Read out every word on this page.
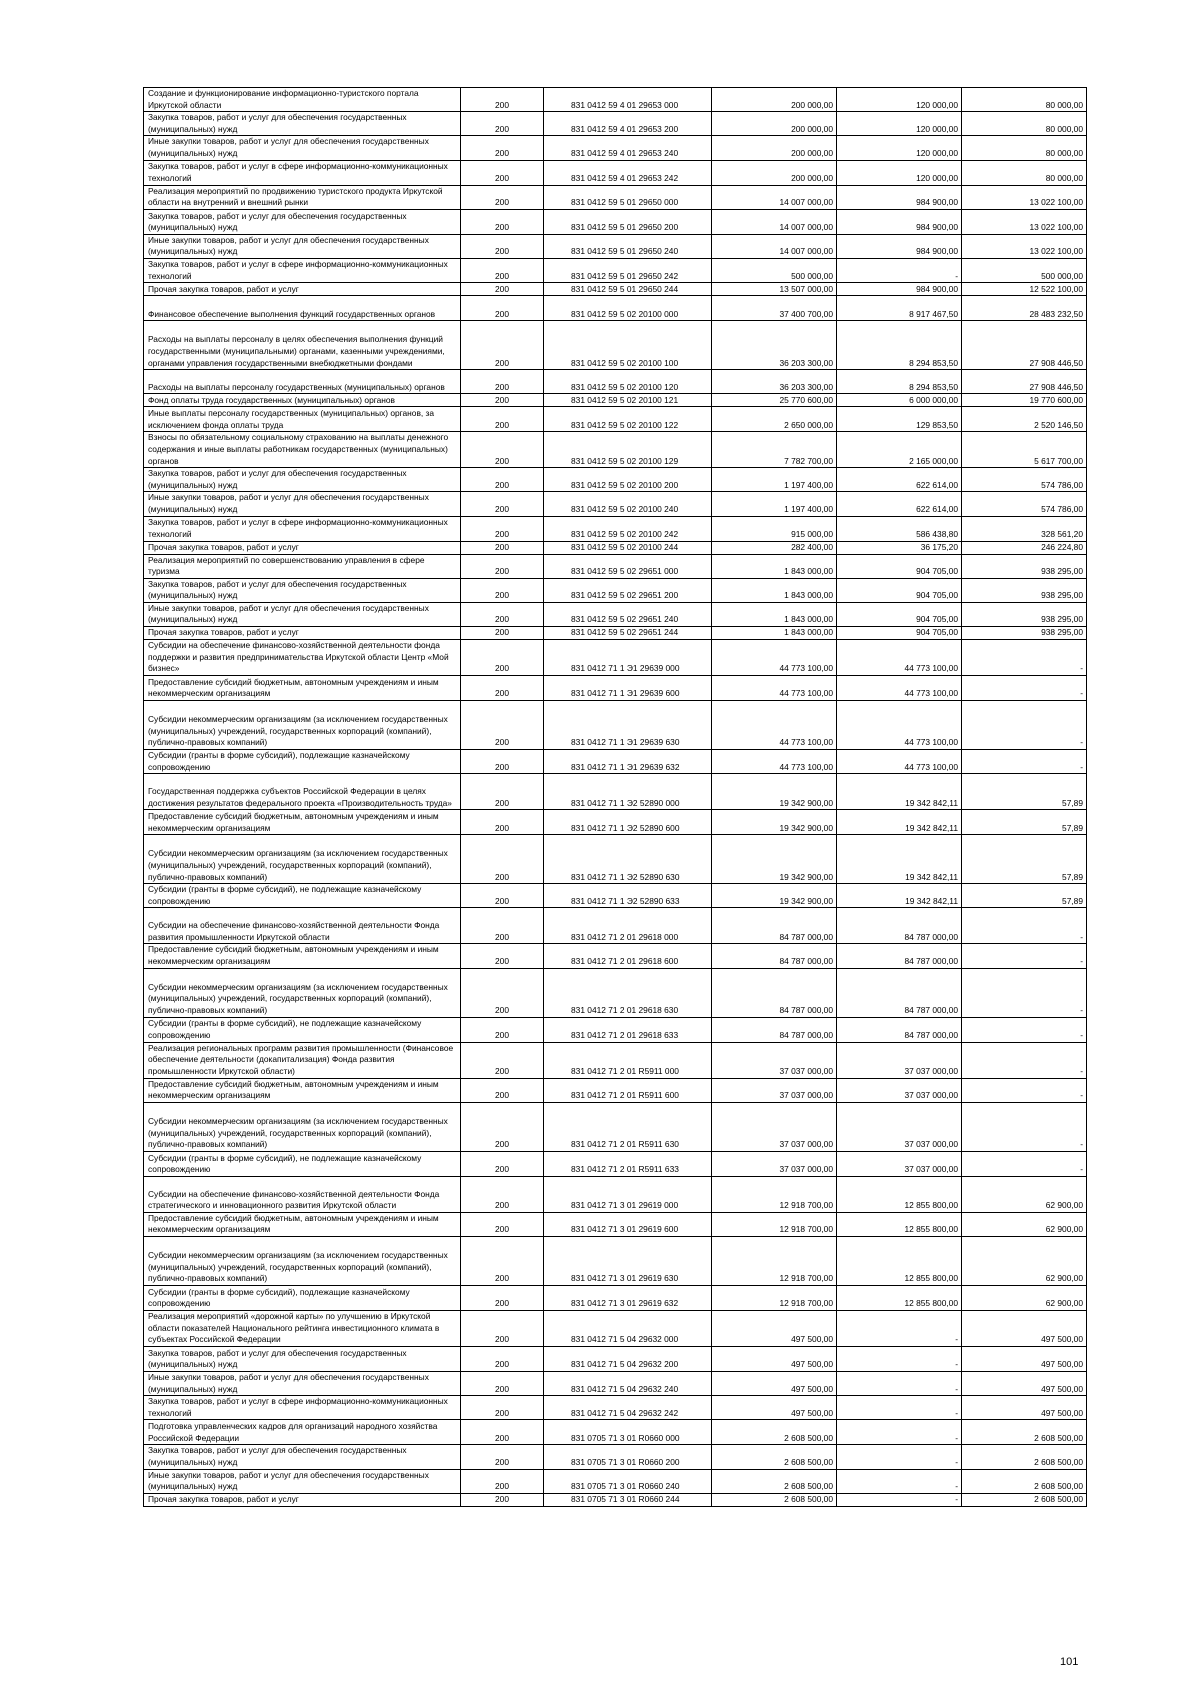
Создание и функционирование информационно-туристского портала Иркутской области	200	831 0412 59 4 01 29653 000	200 000,00	120 000,00	80 000,00
Закупка товаров, работ и услуг для обеспечения государственных (муниципальных) нужд	200	831 0412 59 4 01 29653 200	200 000,00	120 000,00	80 000,00
Иные закупки товаров, работ и услуг для обеспечения государственных (муниципальных) нужд	200	831 0412 59 4 01 29653 240	200 000,00	120 000,00	80 000,00
Закупка товаров, работ и услуг в сфере информационно-коммуникационных технологий	200	831 0412 59 4 01 29653 242	200 000,00	120 000,00	80 000,00
Реализация мероприятий по продвижению туристского продукта Иркутской области на внутренний и внешний рынки	200	831 0412 59 5 01 29650 000	14 007 000,00	984 900,00	13 022 100,00
Закупка товаров, работ и услуг для обеспечения государственных (муниципальных) нужд	200	831 0412 59 5 01 29650 200	14 007 000,00	984 900,00	13 022 100,00
Иные закупки товаров, работ и услуг для обеспечения государственных (муниципальных) нужд	200	831 0412 59 5 01 29650 240	14 007 000,00	984 900,00	13 022 100,00
Закупка товаров, работ и услуг в сфере информационно-коммуникационных технологий	200	831 0412 59 5 01 29650 242	500 000,00	-	500 000,00
Прочая закупка товаров, работ и услуг	200	831 0412 59 5 01 29650 244	13 507 000,00	984 900,00	12 522 100,00
Финансовое обеспечение выполнения функций государственных органов	200	831 0412 59 5 02 20100 000	37 400 700,00	8 917 467,50	28 483 232,50
Расходы на выплаты персоналу в целях обеспечения выполнения функций государственными (муниципальными) органами, казенными учреждениями, органами управления государственными внебюджетными фондами	200	831 0412 59 5 02 20100 100	36 203 300,00	8 294 853,50	27 908 446,50
Расходы на выплаты персоналу государственных (муниципальных) органов	200	831 0412 59 5 02 20100 120	36 203 300,00	8 294 853,50	27 908 446,50
Фонд оплаты труда государственных (муниципальных) органов	200	831 0412 59 5 02 20100 121	25 770 600,00	6 000 000,00	19 770 600,00
Иные выплаты персоналу государственных (муниципальных) органов, за исключением фонда оплаты труда	200	831 0412 59 5 02 20100 122	2 650 000,00	129 853,50	2 520 146,50
Взносы по обязательному социальному страхованию на выплаты денежного содержания и иные выплаты работникам государственных (муниципальных) органов	200	831 0412 59 5 02 20100 129	7 782 700,00	2 165 000,00	5 617 700,00
Закупка товаров, работ и услуг для обеспечения государственных (муниципальных) нужд	200	831 0412 59 5 02 20100 200	1 197 400,00	622 614,00	574 786,00
Иные закупки товаров, работ и услуг для обеспечения государственных (муниципальных) нужд	200	831 0412 59 5 02 20100 240	1 197 400,00	622 614,00	574 786,00
Закупка товаров, работ и услуг в сфере информационно-коммуникационных технологий	200	831 0412 59 5 02 20100 242	915 000,00	586 438,80	328 561,20
Прочая закупка товаров, работ и услуг	200	831 0412 59 5 02 20100 244	282 400,00	36 175,20	246 224,80
Реализация мероприятий по совершенствованию управления в сфере туризма	200	831 0412 59 5 02 29651 000	1 843 000,00	904 705,00	938 295,00
Закупка товаров, работ и услуг для обеспечения государственных (муниципальных) нужд	200	831 0412 59 5 02 29651 200	1 843 000,00	904 705,00	938 295,00
Иные закупки товаров, работ и услуг для обеспечения государственных (муниципальных) нужд	200	831 0412 59 5 02 29651 240	1 843 000,00	904 705,00	938 295,00
Прочая закупка товаров, работ и услуг	200	831 0412 59 5 02 29651 244	1 843 000,00	904 705,00	938 295,00
Субсидии на обеспечение финансово-хозяйственной деятельности фонда поддержки и развития предпринимательства Иркутской области Центр «Мой бизнес»	200	831 0412 71 1 Э1 29639 000	44 773 100,00	44 773 100,00	-
Предоставление субсидий бюджетным, автономным учреждениям и иным некоммерческим организациям	200	831 0412 71 1 Э1 29639 600	44 773 100,00	44 773 100,00	-
Субсидии некоммерческим организациям (за исключением государственных (муниципальных) учреждений, государственных корпораций (компаний), публично-правовых компаний)	200	831 0412 71 1 Э1 29639 630	44 773 100,00	44 773 100,00	-
Субсидии (гранты в форме субсидий), подлежащие казначейскому сопровождению	200	831 0412 71 1 Э1 29639 632	44 773 100,00	44 773 100,00	-
Государственная поддержка субъектов Российской Федерации в целях достижения результатов федерального проекта «Производительность труда»	200	831 0412 71 1 Э2 52890 000	19 342 900,00	19 342 842,11	57,89
Предоставление субсидий бюджетным, автономным учреждениям и иным некоммерческим организациям	200	831 0412 71 1 Э2 52890 600	19 342 900,00	19 342 842,11	57,89
Субсидии некоммерческим организациям (за исключением государственных (муниципальных) учреждений, государственных корпораций (компаний), публично-правовых компаний)	200	831 0412 71 1 Э2 52890 630	19 342 900,00	19 342 842,11	57,89
Субсидии (гранты в форме субсидий), не подлежащие казначейскому сопровождению	200	831 0412 71 1 Э2 52890 633	19 342 900,00	19 342 842,11	57,89
Субсидии на обеспечение финансово-хозяйственной деятельности Фонда развития промышленности Иркутской области	200	831 0412 71 2 01 29618 000	84 787 000,00	84 787 000,00	-
Предоставление субсидий бюджетным, автономным учреждениям и иным некоммерческим организациям	200	831 0412 71 2 01 29618 600	84 787 000,00	84 787 000,00	-
Субсидии некоммерческим организациям (за исключением государственных (муниципальных) учреждений, государственных корпораций (компаний), публично-правовых компаний)	200	831 0412 71 2 01 29618 630	84 787 000,00	84 787 000,00	-
Субсидии (гранты в форме субсидий), не подлежащие казначейскому сопровождению	200	831 0412 71 2 01 29618 633	84 787 000,00	84 787 000,00	-
Реализация региональных программ развития промышленности (Финансовое обеспечение деятельности (докапитализация) Фонда развития промышленности Иркутской области)	200	831 0412 71 2 01 R5911 000	37 037 000,00	37 037 000,00	-
Предоставление субсидий бюджетным, автономным учреждениям и иным некоммерческим организациям	200	831 0412 71 2 01 R5911 600	37 037 000,00	37 037 000,00	-
Субсидии некоммерческим организациям (за исключением государственных (муниципальных) учреждений, государственных корпораций (компаний), публично-правовых компаний)	200	831 0412 71 2 01 R5911 630	37 037 000,00	37 037 000,00	-
Субсидии (гранты в форме субсидий), не подлежащие казначейскому сопровождению	200	831 0412 71 2 01 R5911 633	37 037 000,00	37 037 000,00	-
Субсидии на обеспечение финансово-хозяйственной деятельности Фонда стратегического и инновационного развития Иркутской области	200	831 0412 71 3 01 29619 000	12 918 700,00	12 855 800,00	62 900,00
Предоставление субсидий бюджетным, автономным учреждениям и иным некоммерческим организациям	200	831 0412 71 3 01 29619 600	12 918 700,00	12 855 800,00	62 900,00
Субсидии некоммерческим организациям (за исключением государственных (муниципальных) учреждений, государственных корпораций (компаний), публично-правовых компаний)	200	831 0412 71 3 01 29619 630	12 918 700,00	12 855 800,00	62 900,00
Субсидии (гранты в форме субсидий), подлежащие казначейскому сопровождению	200	831 0412 71 3 01 29619 632	12 918 700,00	12 855 800,00	62 900,00
Реализация мероприятий «дорожной карты» по улучшению в Иркутской области показателей Национального рейтинга инвестиционного климата в субъектах Российской Федерации	200	831 0412 71 5 04 29632 000	497 500,00	-	497 500,00
Закупка товаров, работ и услуг для обеспечения государственных (муниципальных) нужд	200	831 0412 71 5 04 29632 200	497 500,00	-	497 500,00
Иные закупки товаров, работ и услуг для обеспечения государственных (муниципальных) нужд	200	831 0412 71 5 04 29632 240	497 500,00	-	497 500,00
Закупка товаров, работ и услуг в сфере информационно-коммуникационных технологий	200	831 0412 71 5 04 29632 242	497 500,00	-	497 500,00
Подготовка управленческих кадров для организаций народного хозяйства Российской Федерации	200	831 0705 71 3 01 R0660 000	2 608 500,00	-	2 608 500,00
Закупка товаров, работ и услуг для обеспечения государственных (муниципальных) нужд	200	831 0705 71 3 01 R0660 200	2 608 500,00	-	2 608 500,00
Иные закупки товаров, работ и услуг для обеспечения государственных (муниципальных) нужд	200	831 0705 71 3 01 R0660 240	2 608 500,00	-	2 608 500,00
Прочая закупка товаров, работ и услуг	200	831 0705 71 3 01 R0660 244	2 608 500,00	-	2 608 500,00
101
